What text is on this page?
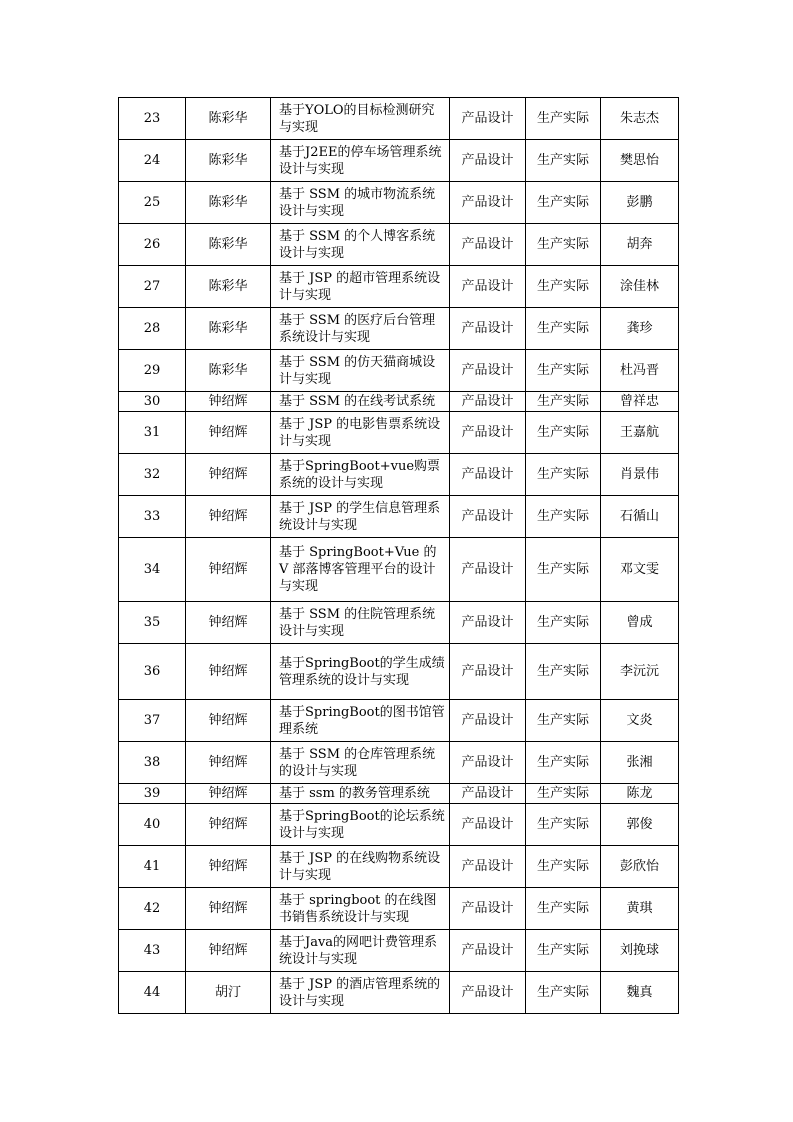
23	陈彩华	基于YOLO的目标检测研究与实现	产品设计	生产实际	朱志杰
24	陈彩华	基于J2EE的停车场管理系统设计与实现	产品设计	生产实际	樊思怡
25	陈彩华	基于 SSM 的城市物流系统设计与实现	产品设计	生产实际	彭鹏
26	陈彩华	基于 SSM 的个人博客系统设计与实现	产品设计	生产实际	胡奔
27	陈彩华	基于 JSP 的超市管理系统设计与实现	产品设计	生产实际	涂佳林
28	陈彩华	基于 SSM 的医疗后台管理系统设计与实现	产品设计	生产实际	龚珍
29	陈彩华	基于 SSM 的仿天猫商城设计与实现	产品设计	生产实际	杜冯晋
30	钟绍辉	基于 SSM 的在线考试系统	产品设计	生产实际	曾祥忠
31	钟绍辉	基于 JSP 的电影售票系统设计与实现	产品设计	生产实际	王嘉航
32	钟绍辉	基于SpringBoot+vue购票系统的设计与实现	产品设计	生产实际	肖景伟
33	钟绍辉	基于 JSP 的学生信息管理系统设计与实现	产品设计	生产实际	石循山
34	钟绍辉	基于 SpringBoot+Vue 的 V 部落博客管理平台的设计与实现	产品设计	生产实际	邓文雯
35	钟绍辉	基于 SSM 的住院管理系统设计与实现	产品设计	生产实际	曾成
36	钟绍辉	基于SpringBoot的学生成绩管理系统的设计与实现	产品设计	生产实际	李沅沅
37	钟绍辉	基于SpringBoot的图书馆管理系统	产品设计	生产实际	文炎
38	钟绍辉	基于 SSM 的仓库管理系统的设计与实现	产品设计	生产实际	张湘
39	钟绍辉	基于 ssm 的教务管理系统	产品设计	生产实际	陈龙
40	钟绍辉	基于SpringBoot的论坛系统设计与实现	产品设计	生产实际	郭俊
41	钟绍辉	基于 JSP 的在线购物系统设计与实现	产品设计	生产实际	彭欣怡
42	钟绍辉	基于 springboot 的在线图书销售系统设计与实现	产品设计	生产实际	黄琪
43	钟绍辉	基于Java的网吧计费管理系统设计与实现	产品设计	生产实际	刘挽球
44	胡汀	基于 JSP 的酒店管理系统的设计与实现	产品设计	生产实际	魏真
